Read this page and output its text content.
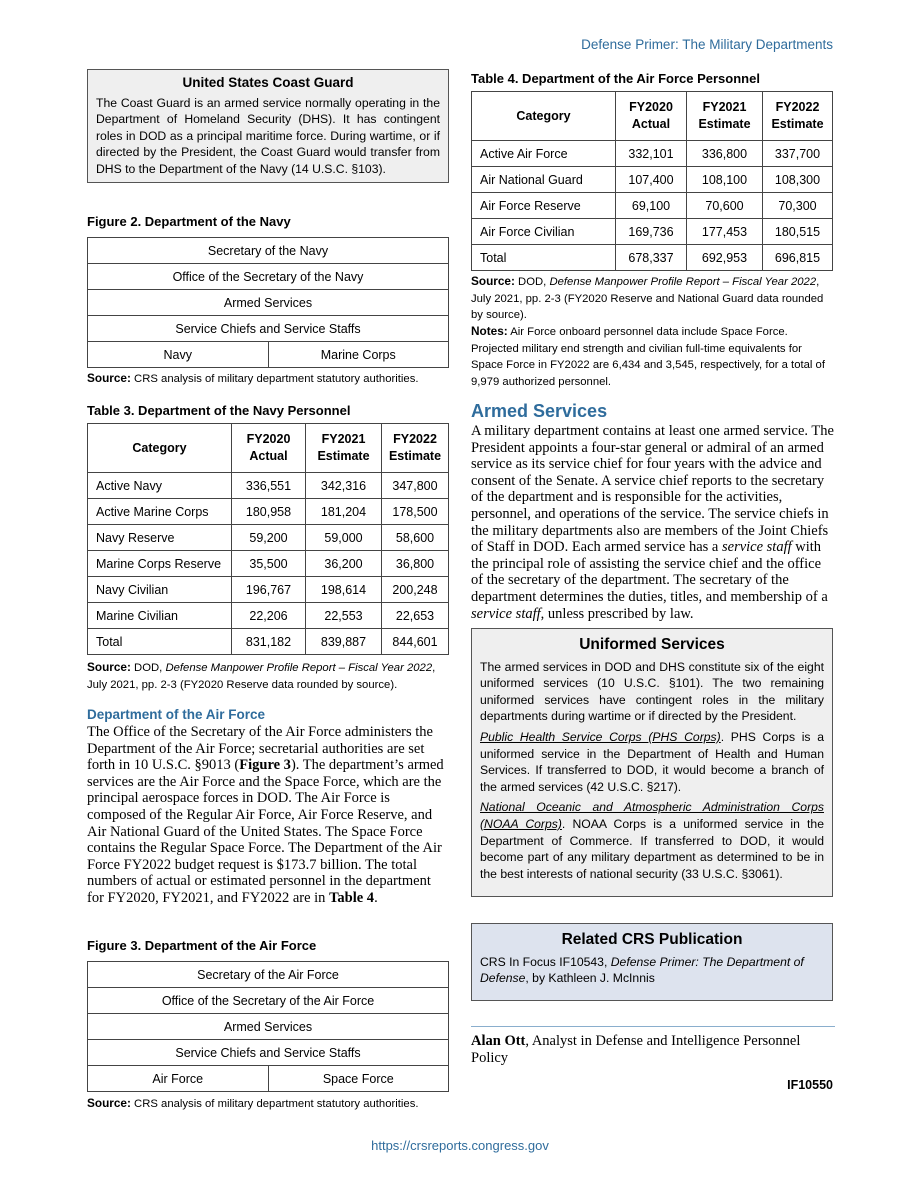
Defense Primer: The Military Departments
United States Coast Guard
The Coast Guard is an armed service normally operating in the Department of Homeland Security (DHS). It has contingent roles in DOD as a principal maritime force. During wartime, or if directed by the President, the Coast Guard would transfer from DHS to the Department of the Navy (14 U.S.C. §103).
Figure 2. Department of the Navy
Secretary of the Navy
Office of the Secretary of the Navy
Armed Services
Service Chiefs and Service Staffs
Navy	Marine Corps
Source: CRS analysis of military department statutory authorities.
Table 3. Department of the Navy Personnel
Category	FY2020 Actual	FY2021 Estimate	FY2022 Estimate
Active Navy	336,551	342,316	347,800
Active Marine Corps	180,958	181,204	178,500
Navy Reserve	59,200	59,000	58,600
Marine Corps Reserve	35,500	36,200	36,800
Navy Civilian	196,767	198,614	200,248
Marine Civilian	22,206	22,553	22,653
Total	831,182	839,887	844,601
Source: DOD, Defense Manpower Profile Report – Fiscal Year 2022, July 2021, pp. 2-3 (FY2020 Reserve data rounded by source).
Department of the Air Force
The Office of the Secretary of the Air Force administers the Department of the Air Force; secretarial authorities are set forth in 10 U.S.C. §9013 (Figure 3). The department’s armed services are the Air Force and the Space Force, which are the principal aerospace forces in DOD. The Air Force is composed of the Regular Air Force, Air Force Reserve, and Air National Guard of the United States. The Space Force contains the Regular Space Force. The Department of the Air Force FY2022 budget request is $173.7 billion. The total numbers of actual or estimated personnel in the department for FY2020, FY2021, and FY2022 are in Table 4.
Figure 3. Department of the Air Force
Secretary of the Air Force
Office of the Secretary of the Air Force
Armed Services
Service Chiefs and Service Staffs
Air Force	Space Force
Source: CRS analysis of military department statutory authorities.
Table 4. Department of the Air Force Personnel
Category	FY2020 Actual	FY2021 Estimate	FY2022 Estimate
Active Air Force	332,101	336,800	337,700
Air National Guard	107,400	108,100	108,300
Air Force Reserve	69,100	70,600	70,300
Air Force Civilian	169,736	177,453	180,515
Total	678,337	692,953	696,815
Source: DOD, Defense Manpower Profile Report – Fiscal Year 2022, July 2021, pp. 2-3 (FY2020 Reserve and National Guard data rounded by source).
Notes: Air Force onboard personnel data include Space Force. Projected military end strength and civilian full-time equivalents for Space Force in FY2022 are 6,434 and 3,545, respectively, for a total of 9,979 authorized personnel.
Armed Services
A military department contains at least one armed service. The President appoints a four-star general or admiral of an armed service as its service chief for four years with the advice and consent of the Senate. A service chief reports to the secretary of the department and is responsible for the activities, personnel, and operations of the service. The service chiefs in the military departments also are members of the Joint Chiefs of Staff in DOD. Each armed service has a service staff with the principal role of assisting the service chief and the office of the secretary of the department. The secretary of the department determines the duties, titles, and membership of a service staff, unless prescribed by law.
Uniformed Services
The armed services in DOD and DHS constitute six of the eight uniformed services (10 U.S.C. §101). The two remaining uniformed services have contingent roles in the military departments during wartime or if directed by the President.
Public Health Service Corps (PHS Corps). PHS Corps is a uniformed service in the Department of Health and Human Services. If transferred to DOD, it would become a branch of the armed services (42 U.S.C. §217).
National Oceanic and Atmospheric Administration Corps (NOAA Corps). NOAA Corps is a uniformed service in the Department of Commerce. If transferred to DOD, it would become part of any military department as determined to be in the best interests of national security (33 U.S.C. §3061).
Related CRS Publication
CRS In Focus IF10543, Defense Primer: The Department of Defense, by Kathleen J. McInnis
Alan Ott, Analyst in Defense and Intelligence Personnel Policy
IF10550
https://crsreports.congress.gov
